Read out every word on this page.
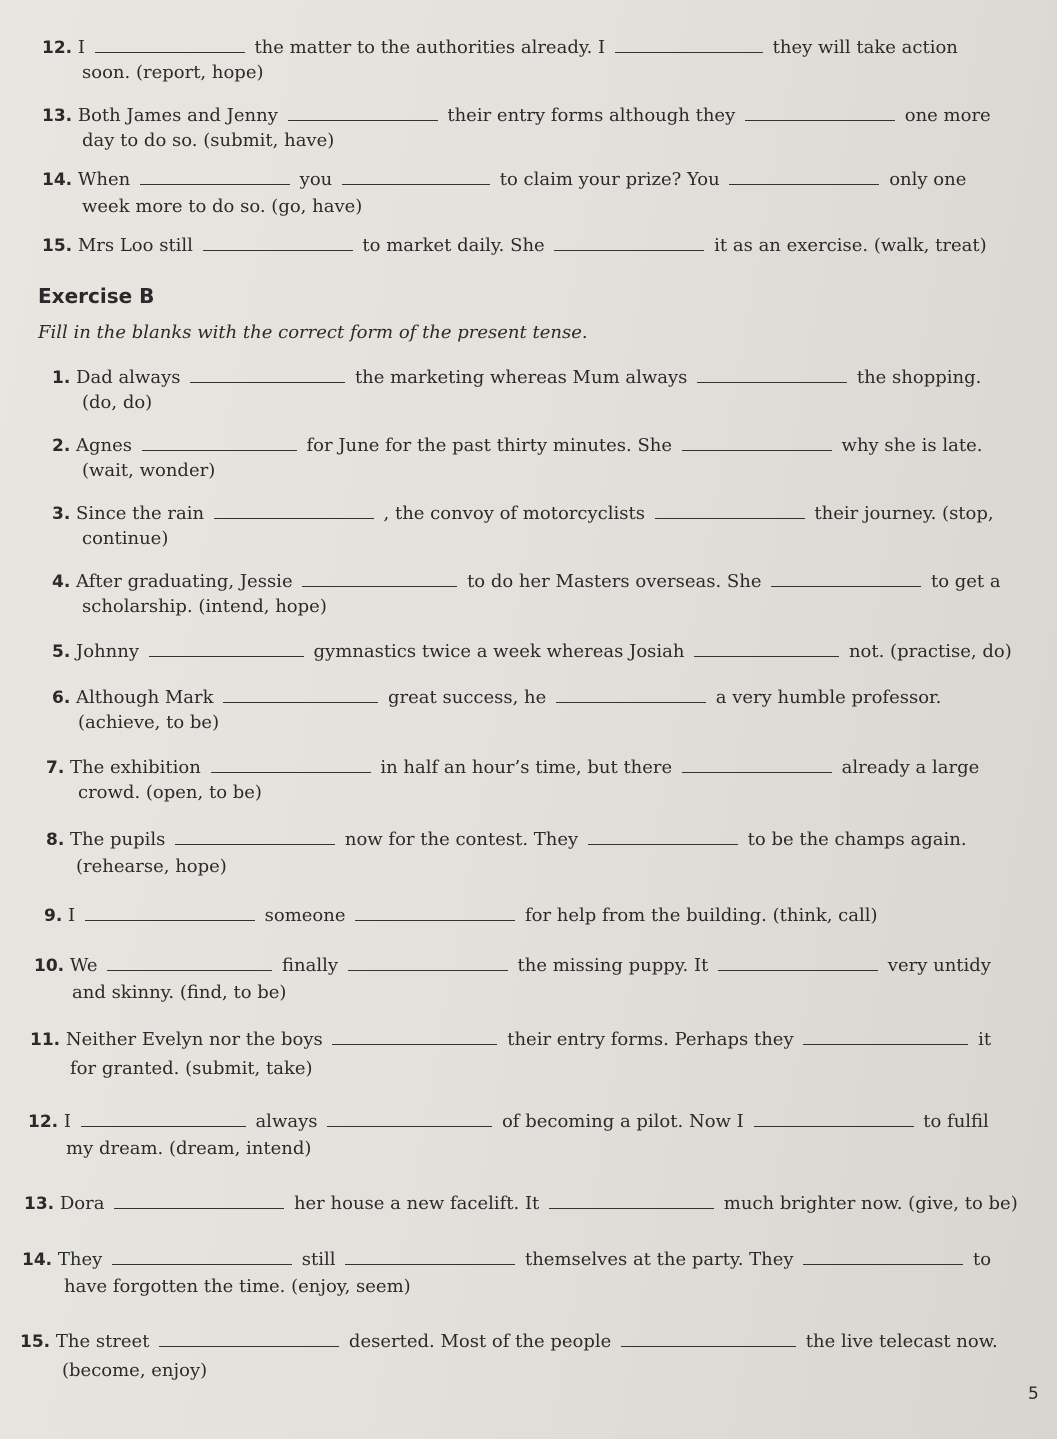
12. I	the matter to the authorities already. I	they will take action
soon. (report, hope)
13. Both James and Jenny	their entry forms although they	one more
day to do so. (submit, have)
14. When	you	to claim your prize? You	only one
week more to do so. (go, have)
15. Mrs Loo still	to market daily. She	it as an exercise. (walk, treat)
Exercise B
Fill in the blanks with the correct form of the present tense.
1. Dad always	the marketing whereas Mum always	the shopping.
(do, do)
2. Agnes	for June for the past thirty minutes. She	why she is late.
(wait, wonder)
3. Since the rain	, the convoy of motorcyclists	their journey. (stop,
continue)
4. After graduating, Jessie	to do her Masters overseas. She	to get a
scholarship. (intend, hope)
5. Johnny	gymnastics twice a week whereas Josiah	not. (practise, do)
6. Although Mark	great success, he	a very humble professor.
(achieve, to be)
7. The exhibition	in half an hour’s time, but there	already a large
crowd. (open, to be)
8. The pupils	now for the contest. They	to be the champs again.
(rehearse, hope)
9. I	someone	for help from the building. (think, call)
10. We	finally	the missing puppy. It	very untidy
and skinny. (find, to be)
11. Neither Evelyn nor the boys	their entry forms. Perhaps they	it
for granted. (submit, take)
12. I	always	of becoming a pilot. Now I	to fulfil
my dream. (dream, intend)
13. Dora	her house a new facelift. It	much brighter now. (give, to be)
14. They	still	themselves at the party. They	to
have forgotten the time. (enjoy, seem)
15. The street	deserted. Most of the people	the live telecast now.
(become, enjoy)
5
